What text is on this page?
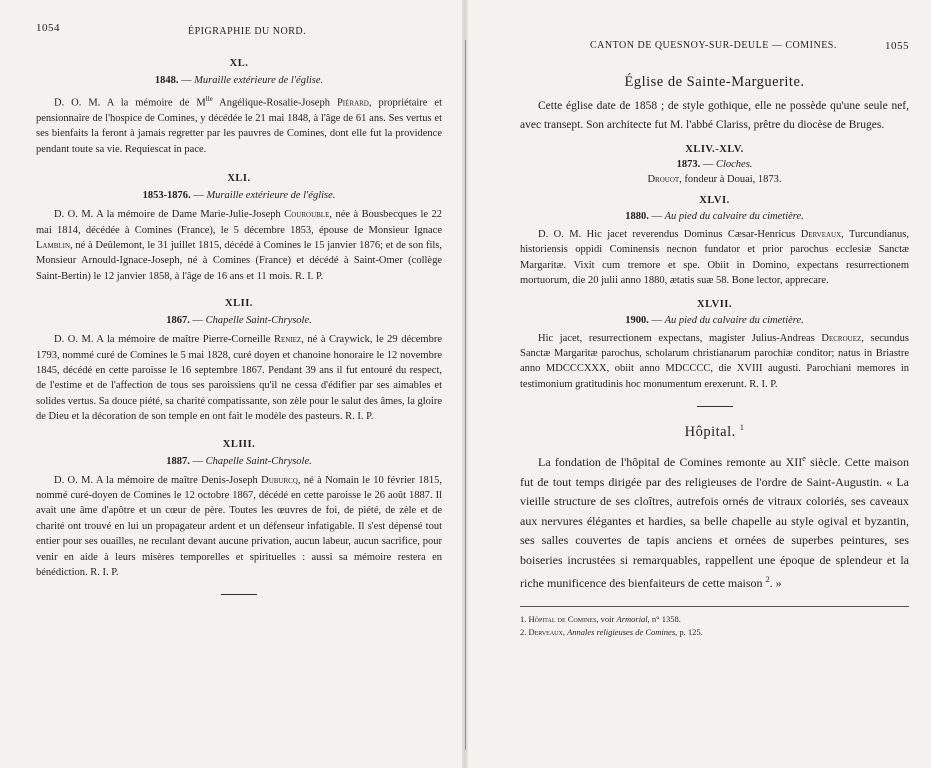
1054	ÉPIGRAPHIE DU NORD.
XL.
1848. — Muraille extérieure de l'église.

D. O. M. A la mémoire de $M^{lle}$ Angélique-Rosalie-Joseph Piérard, propriétaire et pensionnaire de l'hospice de Comines, y décédée le 21 mai 1848, à l'âge de 61 ans. Ses vertus et ses bienfaits la feront à jamais regretter par les pauvres de Comines, dont elle fut la providence pendant toute sa vie. Requiescat in pace.

XLI.
1853-1876. — Muraille extérieure de l'église.

D. O. M. A la mémoire de Dame Marie-Julie-Joseph Courouble, née à Bousbecques le 22 mai 1814, décédée à Comines (France), le 5 décembre 1853, épouse de Monsieur Ignace Lamblin, né à Deûlemont, le 31 juillet 1815, décédé à Comines le 15 janvier 1876; et de son fils, Monsieur Arnould-Ignace-Joseph, né à Comines (France) et décédé à Saint-Omer (collège Saint-Bertin) le 12 janvier 1858, à l'âge de 16 ans et 11 mois. R. I. P.

XLII.
1867. — Chapelle Saint-Chrysole.

D. O. M. A la mémoire de maître Pierre-Corneille Reniez, né à Craywick, le 29 décembre 1793, nommé curé de Comines le 5 mai 1828, curé doyen et chanoine honoraire le 12 novembre 1845, décédé en cette paroisse le 16 septembre 1867. Pendant 39 ans il fut entouré du respect, de l'estime et de l'affection de tous ses paroissiens qu'il ne cessa d'édifier par ses aimables et solides vertus. Sa douce piété, sa charité compatissante, son zèle pour le salut des âmes, la gloire de Dieu et la décoration de son temple en ont fait le modèle des pasteurs. R. I. P.

XLIII.
1887. — Chapelle Saint-Chrysole.

D. O. M. A la mémoire de maître Denis-Joseph Duburcq, né à Nomain le 10 février 1815, nommé curé-doyen de Comines le 12 octobre 1867, décédé en cette paroisse le 26 août 1887. Il avait une âme d'apôtre et un cœur de père. Toutes les œuvres de foi, de piété, de zèle et de charité ont trouvé en lui un propagateur ardent et un défenseur infatigable. Il s'est dépensé tout entier pour ses ouailles, ne reculant devant aucune privation, aucun labeur, aucun sacrifice, pour venir en aide à leurs misères temporelles et spirituelles : aussi sa mémoire restera en bénédiction. R. I. P.

CANTON DE QUESNOY-SUR-DEULE — COMINES.	1055
Église de Sainte-Marguerite.

Cette église date de 1858 ; de style gothique, elle ne possède qu'une seule nef, avec transept. Son architecte fut M. l'abbé Clariss, prêtre du diocèse de Bruges.

XLIV.-XLV.
1873. — Cloches.
Drouot, fondeur à Douai, 1873.
XLVI.
1880. — Au pied du calvaire du cimetière.

D. O. M. Hic jacet reverendus Dominus Cæsar-Henricus Derveaux, Turcundianus, historiensis oppidi Cominensis necnon fundator et prior parochus ecclesiæ Sanctæ Margaritæ. Vixit cum tremore et spe. Obiit in Domino, expectans resurrectionem mortuorum, die 20 julii anno 1880, ætatis suæ 58. Bone lector, apprecare.

XLVII.
1900. — Au pied du calvaire du cimetière.

Hic jacet, resurrectionem expectans, magister Julius-Andreas Decrouez, secundus Sanctæ Margaritæ parochus, scholarum christianarum parochiæ conditor; natus in Briastre anno MDCCCXXX, obiit anno MDCCCC, die XVIII augusti. Parochiani memores in testimonium gratitudinis hoc monumentum erexerunt. R. I. P.

Hôpital. $^1$

La fondation de l'hôpital de Comines remonte au XIIe siècle. Cette maison fut de tout temps dirigée par des religieuses de l'ordre de Saint-Augustin. « La vieille structure de ses cloîtres, autrefois ornés de vitraux coloriés, ses caveaux aux nervures élégantes et hardies, sa belle chapelle au style ogival et byzantin, ses salles couvertes de tapis anciens et ornées de superbes peintures, ses boiseries incrustées si remarquables, rappellent une époque de splendeur et la riche munificence des bienfaiteurs de cette maison $^2$. »

1. Hôpital de Comines, voir Armorial, n° 1358.
2. Derveaux, Annales religieuses de Comines, p. 125.
